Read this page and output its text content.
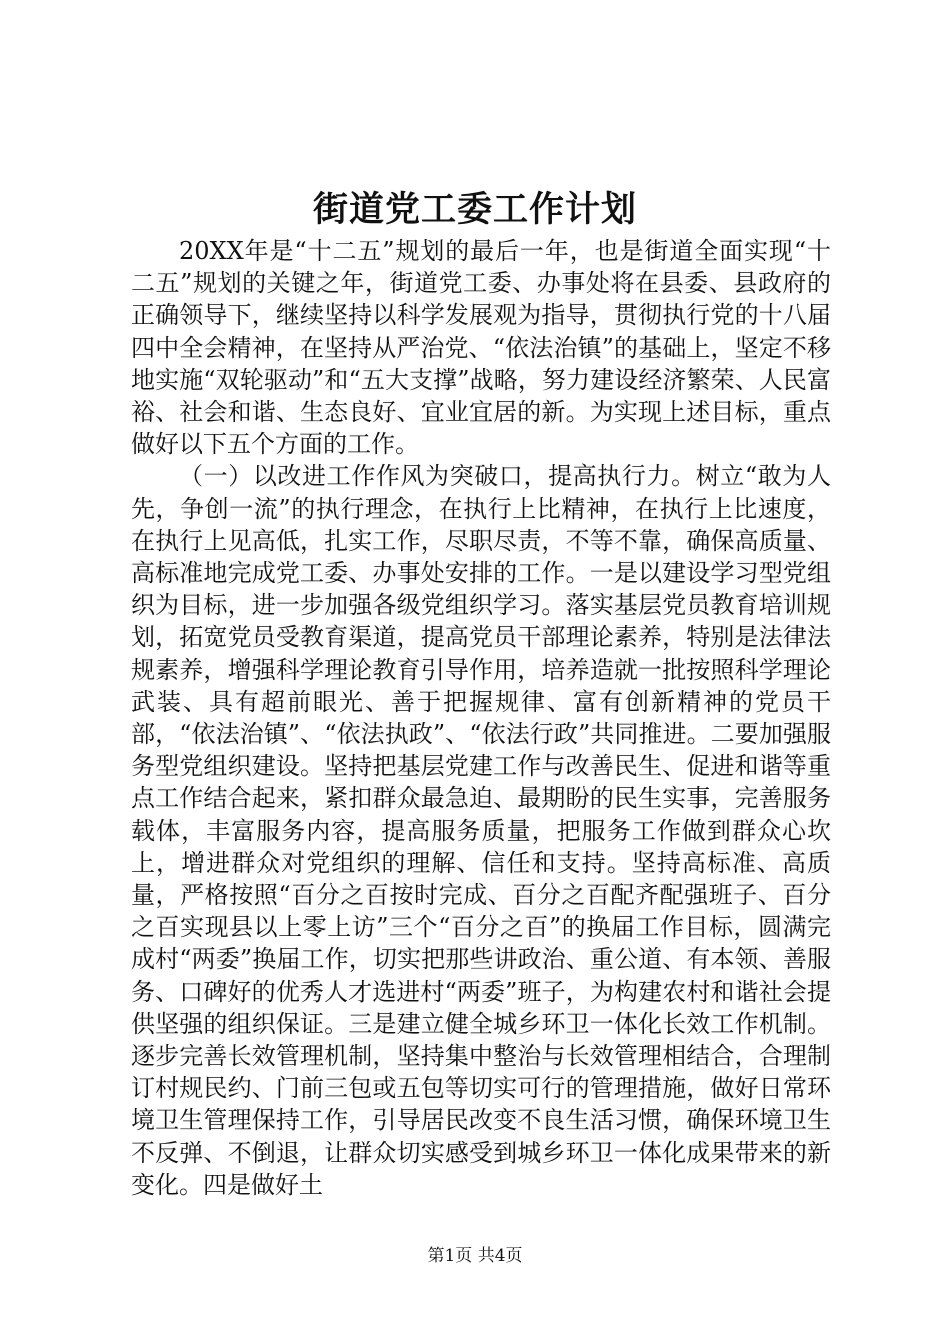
街道党工委工作计划

20XX年是“十二五”规划的最后一年，也是街道全面实现“十二五”规划的关键之年，街道党工委、办事处将在县委、县政府的正确领导下，继续坚持以科学发展观为指导，贯彻执行党的十八届四中全会精神，在坚持从严治党、“依法治镇”的基础上，坚定不移地实施“双轮驱动”和“五大支撑”战略，努力建设经济繁荣、人民富裕、社会和谐、生态良好、宜业宜居的新。为实现上述目标，重点做好以下五个方面的工作。

（一）以改进工作作风为突破口，提高执行力。树立“敢为人先，争创一流”的执行理念，在执行上比精神，在执行上比速度，在执行上见高低，扎实工作，尽职尽责，不等不靠，确保高质量、高标准地完成党工委、办事处安排的工作。一是以建设学习型党组织为目标，进一步加强各级党组织学习。落实基层党员教育培训规划，拓宽党员受教育渠道，提高党员干部理论素养，特别是法律法规素养，增强科学理论教育引导作用，培养造就一批按照科学理论武装、具有超前眼光、善于把握规律、富有创新精神的党员干部，“依法治镇”、“依法执政”、“依法行政”共同推进。二要加强服务型党组织建设。坚持把基层党建工作与改善民生、促进和谐等重点工作结合起来，紧扣群众最急迫、最期盼的民生实事，完善服务载体，丰富服务内容，提高服务质量，把服务工作做到群众心坎上，增进群众对党组织的理解、信任和支持。坚持高标准、高质量，严格按照“百分之百按时完成、百分之百配齐配强班子、百分之百实现县以上零上访”三个“百分之百”的换届工作目标，圆满完成村“两委”换届工作，切实把那些讲政治、重公道、有本领、善服务、口碑好的优秀人才选进村“两委”班子，为构建农村和谐社会提供坚强的组织保证。三是建立健全城乡环卫一体化长效工作机制。逐步完善长效管理机制，坚持集中整治与长效管理相结合，合理制订村规民约、门前三包或五包等切实可行的管理措施，做好日常环境卫生管理保持工作，引导居民改变不良生活习惯，确保环境卫生不反弹、不倒退，让群众切实感受到城乡环卫一体化成果带来的新变化。四是做好土

第1页 共4页
